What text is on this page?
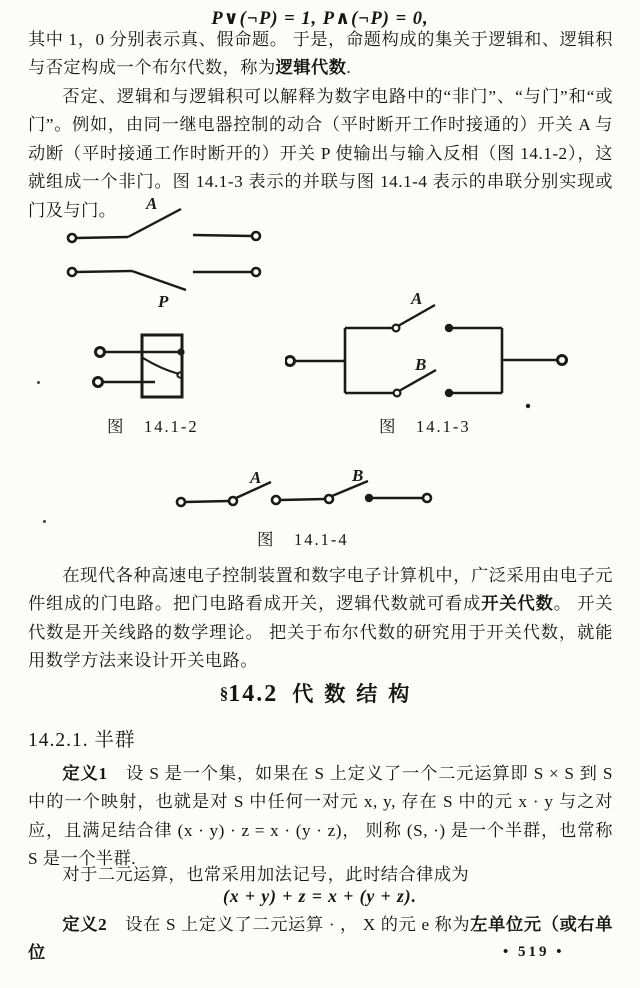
P∨(¬P) = 1, P∧(¬P) = 0,

其中 1，0 分别表示真、假命题。 于是，命题构成的集关于逻辑和、逻辑积与否定构成一个布尔代数，称为逻辑代数.

否定、逻辑和与逻辑积可以解释为数字电路中的“非门”、“与门”和“或门”。例如，由同一继电器控制的动合（平时断开工作时接通的）开关 A 与动断（平时接通工作时断开的）开关 P 使输出与输入反相（图 14.1-2），这就组成一个非门。图 14.1-3 表示的并联与图 14.1-4 表示的串联分别实现或门及与门。	A
P
图　14.1-2
A
B
图　14.1-3
A	B
图　14.1-4

在现代各种高速电子控制装置和数字电子计算机中，广泛采用由电子元件组成的门电路。把门电路看成开关，逻辑代数就可看成开关代数。 开关代数是开关线路的数学理论。 把关于布尔代数的研究用于开关代数，就能用数学方法来设计开关电路。

§14.2 代数结构
14.2.1. 半群

定义1　设 S 是一个集，如果在 S 上定义了一个二元运算即 S × S 到 S 中的一个映射，也就是对 S 中任何一对元 x, y, 存在 S 中的元 x · y 与之对应，且满足结合律 (x · y) · z = x · (y · z)， 则称 (S, ·) 是一个半群，也常称 S 是一个半群.

对于二元运算，也常采用加法记号，此时结合律成为

(x + y) + z = x + (y + z).

定义2　设在 S 上定义了二元运算 · ， X 的元 e 称为左单位元（或右单位	• 519 •
